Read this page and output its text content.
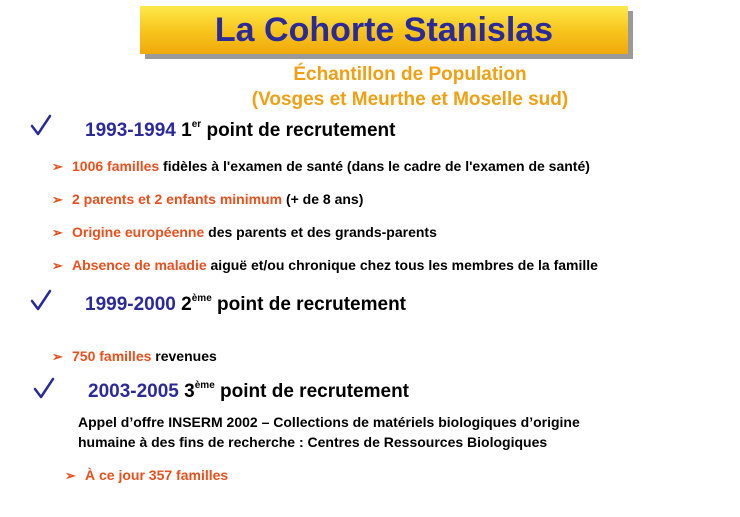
La Cohorte Stanislas
Échantillon de Population
(Vosges et Meurthe et Moselle sud)
1993-1994 1er point de recrutement
➢ 1006 familles fidèles à l'examen de santé (dans le cadre de l'examen de santé)
➢ 2 parents et 2 enfants minimum (+ de 8 ans)
➢ Origine européenne des parents et des grands-parents
➢ Absence de maladie aiguë et/ou chronique chez tous les membres de la famille
1999-2000 2ème point de recrutement
➢ 750 familles revenues
2003-2005 3ème point de recrutement
Appel d’offre INSERM 2002 – Collections de matériels biologiques d’origine
humaine à des fins de recherche : Centres de Ressources Biologiques
➢ À ce jour 357 familles
